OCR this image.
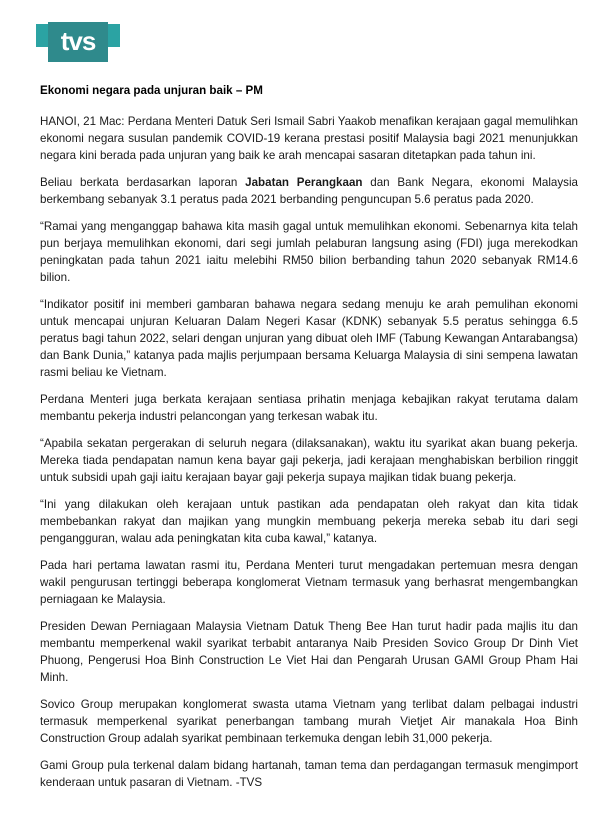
tvs
Ekonomi negara pada unjuran baik – PM

HANOI, 21 Mac: Perdana Menteri Datuk Seri Ismail Sabri Yaakob menafikan kerajaan gagal memulihkan ekonomi negara susulan pandemik COVID-19 kerana prestasi positif Malaysia bagi 2021 menunjukkan negara kini berada pada unjuran yang baik ke arah mencapai sasaran ditetapkan pada tahun ini.

Beliau berkata berdasarkan laporan Jabatan Perangkaan dan Bank Negara, ekonomi Malaysia berkembang sebanyak 3.1 peratus pada 2021 berbanding penguncupan 5.6 peratus pada 2020.

“Ramai yang menganggap bahawa kita masih gagal untuk memulihkan ekonomi. Sebenarnya kita telah pun berjaya memulihkan ekonomi, dari segi jumlah pelaburan langsung asing (FDI) juga merekodkan peningkatan pada tahun 2021 iaitu melebihi RM50 bilion berbanding tahun 2020 sebanyak RM14.6 bilion.

“Indikator positif ini memberi gambaran bahawa negara sedang menuju ke arah pemulihan ekonomi untuk mencapai unjuran Keluaran Dalam Negeri Kasar (KDNK) sebanyak 5.5 peratus sehingga 6.5 peratus bagi tahun 2022, selari dengan unjuran yang dibuat oleh IMF (Tabung Kewangan Antarabangsa) dan Bank Dunia,” katanya pada majlis perjumpaan bersama Keluarga Malaysia di sini sempena lawatan rasmi beliau ke Vietnam.

Perdana Menteri juga berkata kerajaan sentiasa prihatin menjaga kebajikan rakyat terutama dalam membantu pekerja industri pelancongan yang terkesan wabak itu.

“Apabila sekatan pergerakan di seluruh negara (dilaksanakan), waktu itu syarikat akan buang pekerja. Mereka tiada pendapatan namun kena bayar gaji pekerja, jadi kerajaan menghabiskan berbilion ringgit untuk subsidi upah gaji iaitu kerajaan bayar gaji pekerja supaya majikan tidak buang pekerja.

“Ini yang dilakukan oleh kerajaan untuk pastikan ada pendapatan oleh rakyat dan kita tidak membebankan rakyat dan majikan yang mungkin membuang pekerja mereka sebab itu dari segi pengangguran, walau ada peningkatan kita cuba kawal,” katanya.

Pada hari pertama lawatan rasmi itu, Perdana Menteri turut mengadakan pertemuan mesra dengan wakil pengurusan tertinggi beberapa konglomerat Vietnam termasuk yang berhasrat mengembangkan perniagaan ke Malaysia.

Presiden Dewan Perniagaan Malaysia Vietnam Datuk Theng Bee Han turut hadir pada majlis itu dan membantu memperkenal wakil syarikat terbabit antaranya Naib Presiden Sovico Group Dr Dinh Viet Phuong, Pengerusi Hoa Binh Construction Le Viet Hai dan Pengarah Urusan GAMI Group Pham Hai Minh.

Sovico Group merupakan konglomerat swasta utama Vietnam yang terlibat dalam pelbagai industri termasuk memperkenal syarikat penerbangan tambang murah Vietjet Air manakala Hoa Binh Construction Group adalah syarikat pembinaan terkemuka dengan lebih 31,000 pekerja.

Gami Group pula terkenal dalam bidang hartanah, taman tema dan perdagangan termasuk mengimport kenderaan untuk pasaran di Vietnam. -TVS
